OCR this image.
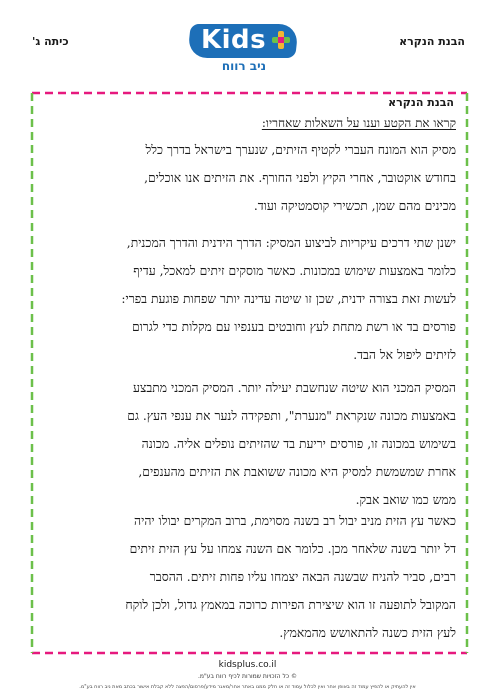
כיתה ג'	הבנת הנקרא
Kids
ניב רווח
הבנת הנקרא
קראו את הקטע וענו על השאלות שאחריו:
מסיק הוא המונח העברי לקטיף הזיתים, שנערך בישראל בדרך כלל
בחודש אוקטובר, אחרי הקיץ ולפני החורף. את הזיתים אנו אוכלים,
מכינים מהם שמן, תכשירי קוסמטיקה ועוד.
ישנן שתי דרכים עיקריות לביצוע המסיק: הדרך הידנית והדרך המכנית,
כלומר באמצעות שימוש במכונות. כאשר מוסקים זיתים למאכל, עדיף
לעשות זאת בצורה ידנית, שכן זו שיטה עדינה יותר שפחות פוגעת בפרי:
פורסים בד או רשת מתחת לעץ וחובטים בענפיו עם מקלות כדי לגרום
לזיתים ליפול אל הבד.
המסיק המכני הוא שיטה שנחשבת יעילה יותר. המסיק המכני מתבצע
באמצעות מכונה שנקראת "מנערת", ותפקידה לנער את ענפי העץ. גם
בשימוש במכונה זו, פורסים יריעת בד שהזיתים נופלים אליה. מכונה
אחרת שמשמשת למסיק היא מכונה ששואבת את הזיתים מהענפים,
ממש כמו שואב אבק.
כאשר עץ הזית מניב יבול רב בשנה מסוימת, ברוב המקרים יבולו יהיה
דל יותר בשנה שלאחר מכן. כלומר אם השנה צמחו על עץ הזית זיתים
רבים, סביר להניח שבשנה הבאה יצמחו עליו פחות זיתים. ההסבר
המקובל לתופעה זו הוא שיצירת הפירות כרוכה במאמץ גדול, ולכן לוקח
לעץ הזית כשנה להתאושש מהמאמץ.
kidsplus.co.il
© כל הזכויות שמורות לכיף רווח בע"מ.
אין להעתיק או להפיץ עמוד זה באופן אחר ואין לכלול עמוד זה או חלק ממנו באתר אחר/מאגר מידע/פרסום/הפצה ללא קבלת אישור בכתב מאת ניב רווח בע"מ.
